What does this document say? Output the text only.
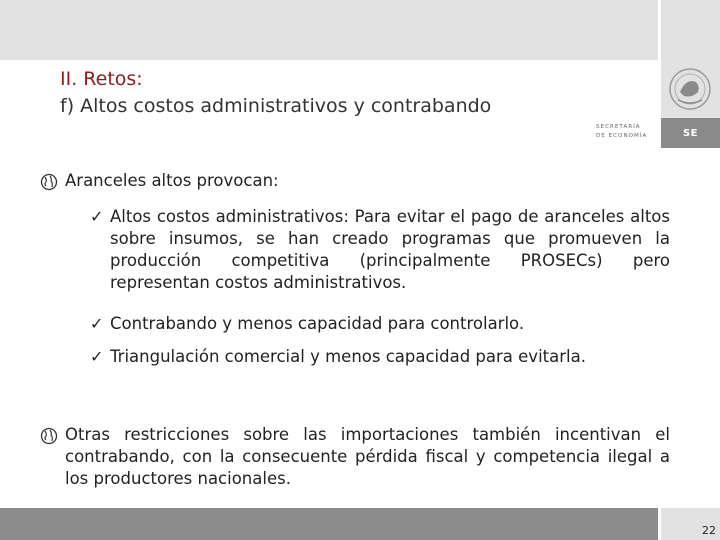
SE
SECRETARÍA
DE ECONOMÍA
II. Retos:
f) Altos costos administrativos y contrabando
Aranceles altos provocan:
✓ Altos costos administrativos: Para evitar el pago de aranceles altos sobre insumos, se han creado programas que promueven la producción competitiva (principalmente PROSECs) pero representan costos administrativos.
✓ Contrabando y menos capacidad para controlarlo.
✓ Triangulación comercial y menos capacidad para evitarla.
Otras restricciones sobre las importaciones también incentivan el contrabando, con la consecuente pérdida fiscal y competencia ilegal a los productores nacionales.
22
